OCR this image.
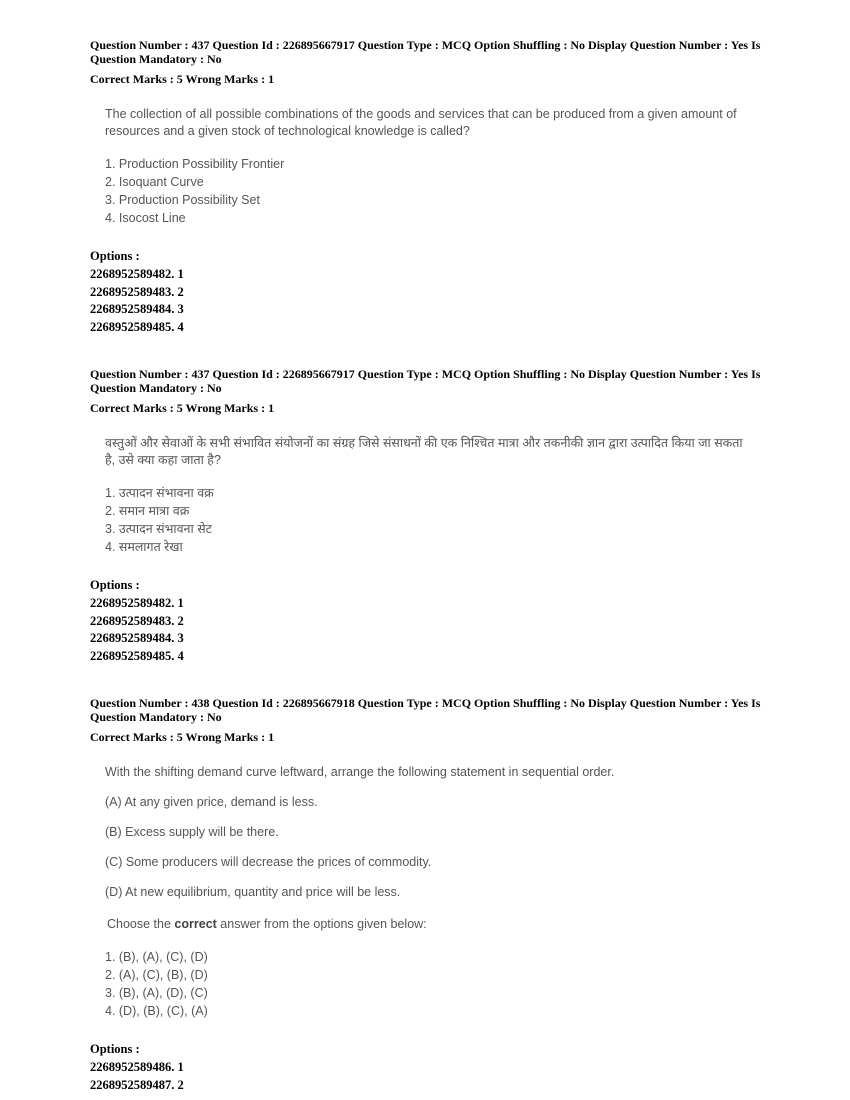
Question Number : 437 Question Id : 226895667917 Question Type : MCQ Option Shuffling : No Display Question Number : Yes Is
Question Mandatory : No
Correct Marks : 5 Wrong Marks : 1
The collection of all possible combinations of the goods and services that can be produced from a given amount of resources and a given stock of technological knowledge is called?
1. Production Possibility Frontier
2. Isoquant Curve
3. Production Possibility Set
4. Isocost Line
Options :
2268952589482. 1
2268952589483. 2
2268952589484. 3
2268952589485. 4
Question Number : 437 Question Id : 226895667917 Question Type : MCQ Option Shuffling : No Display Question Number : Yes Is
Question Mandatory : No
Correct Marks : 5 Wrong Marks : 1
वस्तुओं और सेवाओं के सभी संभावित संयोजनों का संग्रह जिसे संसाधनों की एक निश्चित मात्रा और तकनीकी ज्ञान द्वारा उत्पादित किया जा सकता है, उसे क्या कहा जाता है?
1. उत्पादन संभावना वक्र
2. समान मात्रा वक्र
3. उत्पादन संभावना सेट
4. समलागत रेखा
Options :
2268952589482. 1
2268952589483. 2
2268952589484. 3
2268952589485. 4
Question Number : 438 Question Id : 226895667918 Question Type : MCQ Option Shuffling : No Display Question Number : Yes Is
Question Mandatory : No
Correct Marks : 5 Wrong Marks : 1
With the shifting demand curve leftward, arrange the following statement in sequential order.
(A) At any given price, demand is less.
(B) Excess supply will be there.
(C) Some producers will decrease the prices of commodity.
(D) At new equilibrium, quantity and price will be less.
Choose the correct answer from the options given below:
1. (B), (A), (C), (D)
2. (A), (C), (B), (D)
3. (B), (A), (D), (C)
4. (D), (B), (C), (A)
Options :
2268952589486. 1
2268952589487. 2
